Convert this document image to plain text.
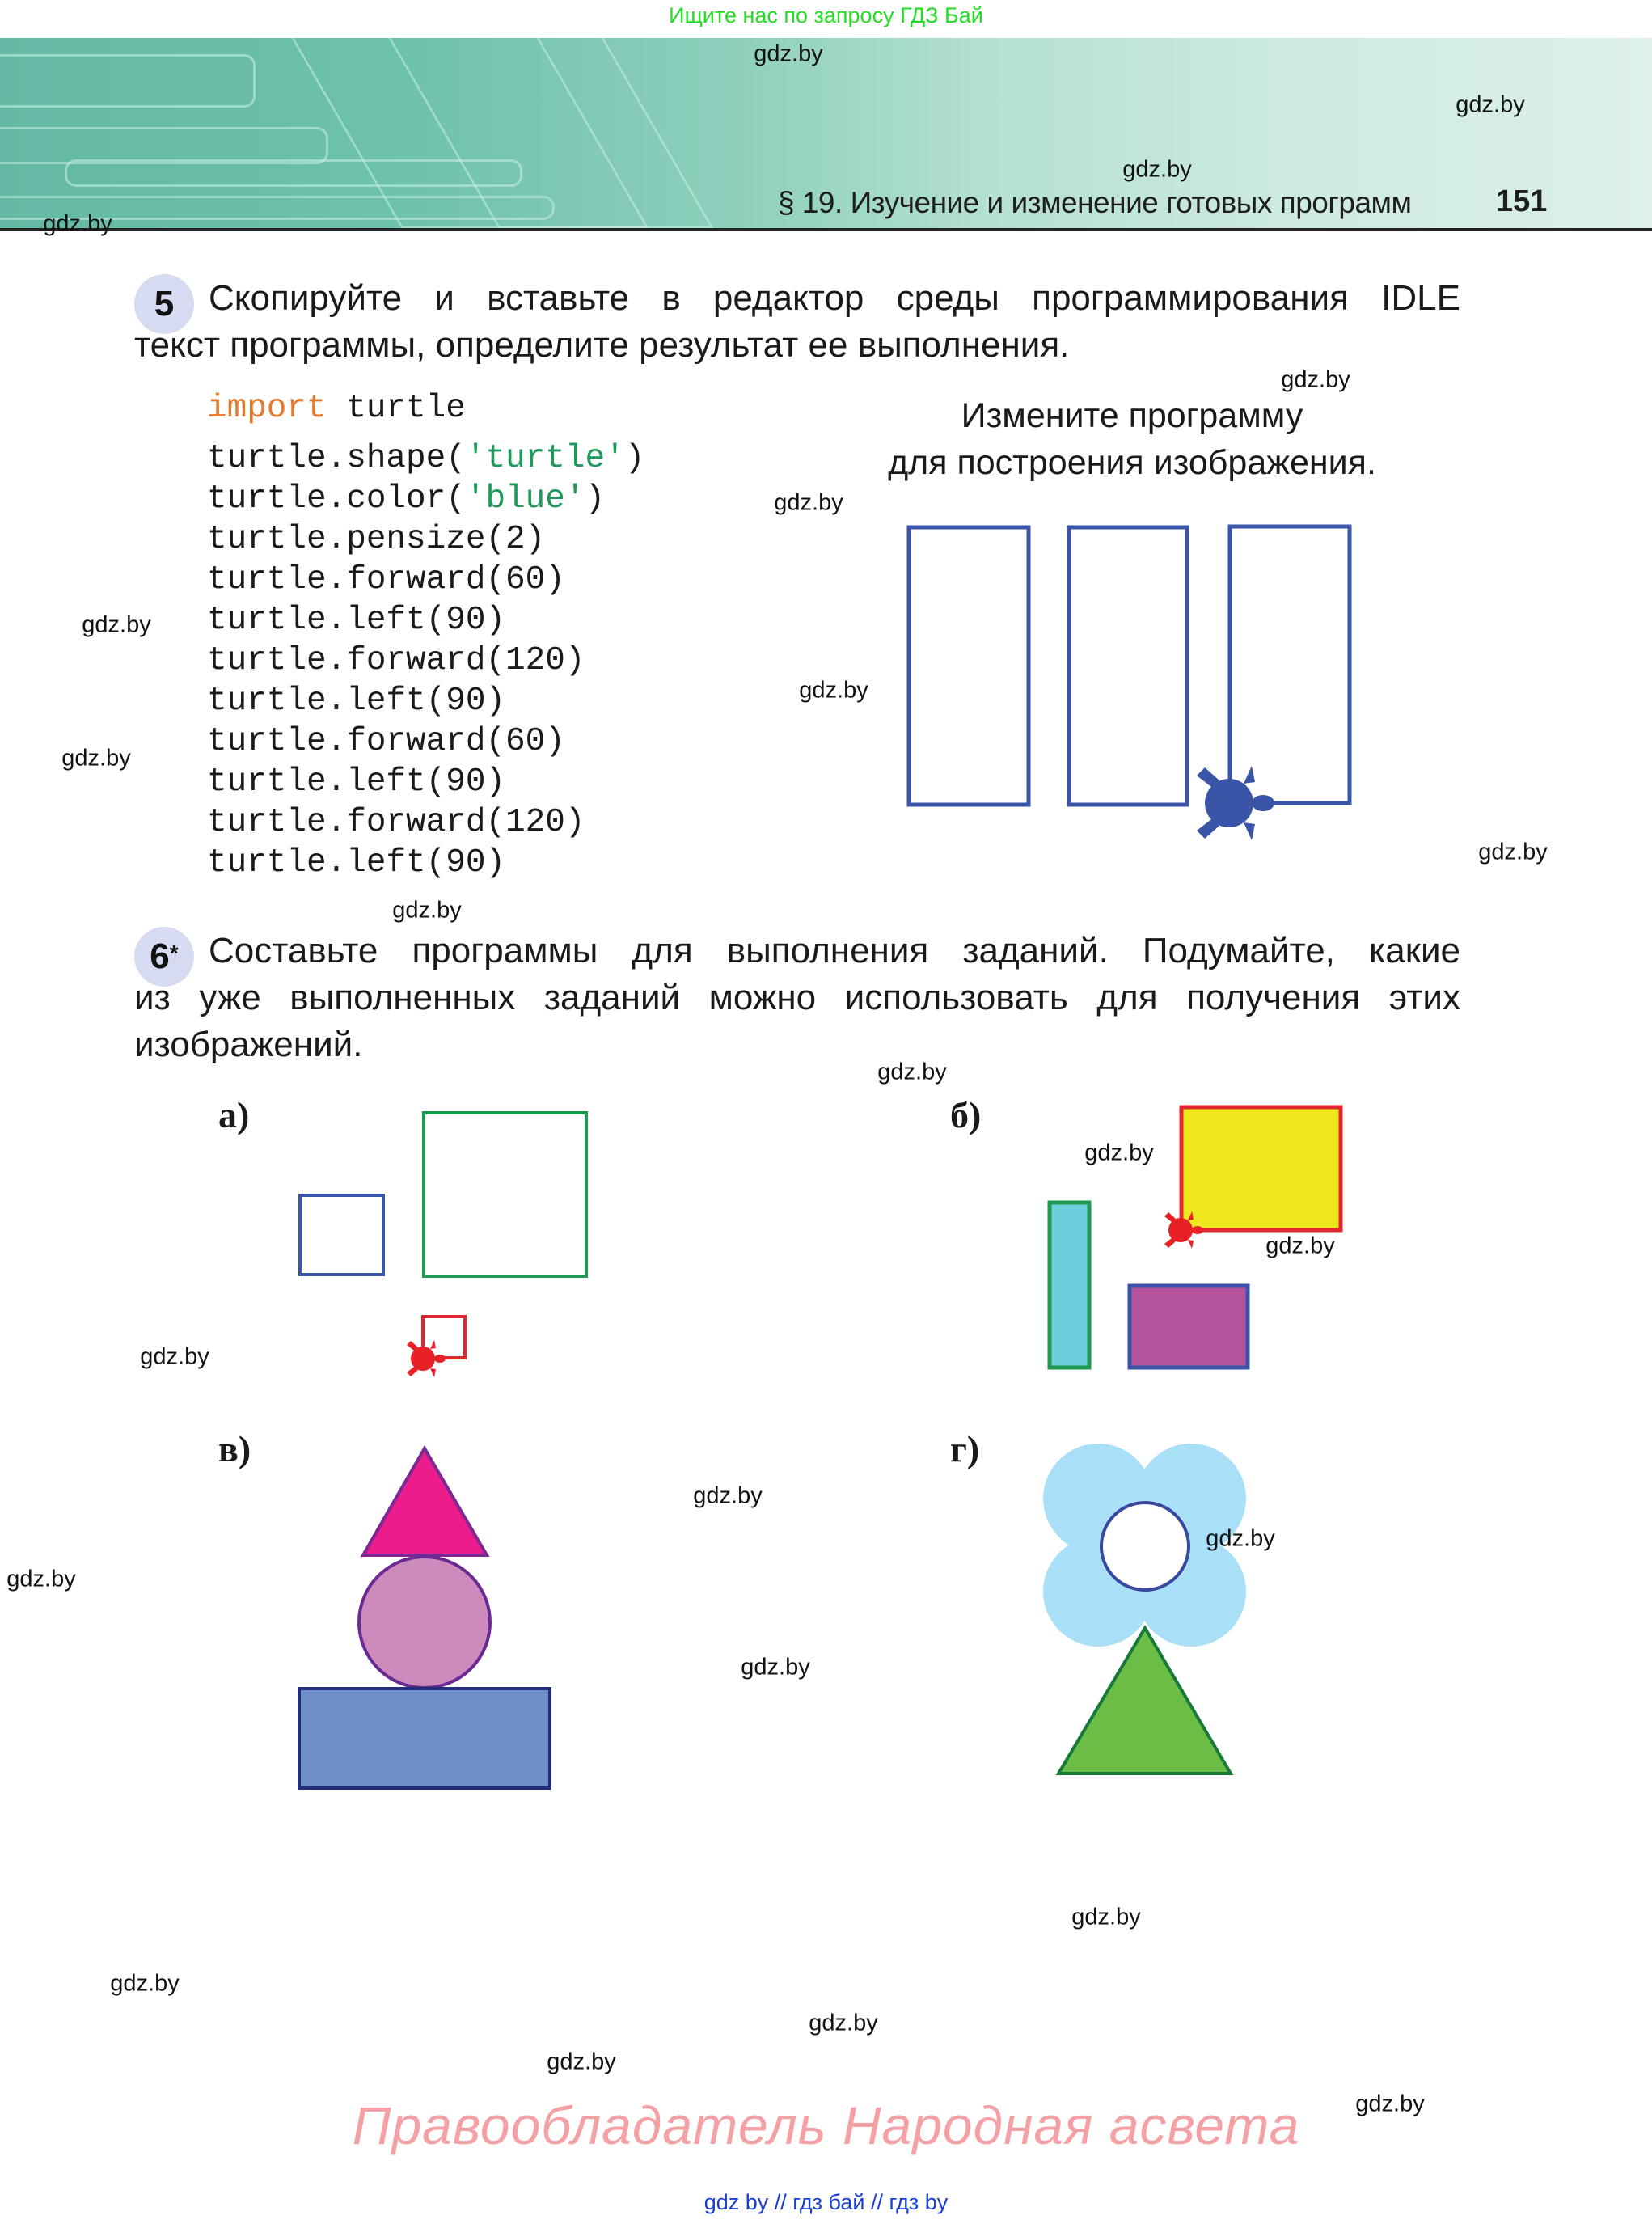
Ищите нас по запросу ГДЗ Бай
§ 19. Изучение и изменение готовых программ	151
5 Скопируйте и вставьте в редактор среды программирования IDLE
текст программы, определите результат ее выполнения.
import turtle
turtle.shape('turtle')
turtle.color('blue')
turtle.pensize(2)
turtle.forward(60)
turtle.left(90)
turtle.forward(120)
turtle.left(90)
turtle.forward(60)
turtle.left(90)
turtle.forward(120)
turtle.left(90)
Измените программу
для построения изображения.
6* Составьте программы для выполнения заданий. Подумайте, какие
из уже выполненных заданий можно использовать для получения этих
изображений.
а)	б)
в)	г)
gdz.by
gdz.by
gdz.by
gdz.by
gdz.by
gdz.by
gdz.by
gdz.by
gdz.by
gdz.by
gdz.by
gdz.by
gdz.by
gdz.by
gdz.by
gdz.by
gdz.by
gdz.by
gdz.by
gdz.by
gdz.by
gdz.by
gdz.by
gdz.by
Правообладатель Народная асвета
gdz by // гдз бай // гдз by
